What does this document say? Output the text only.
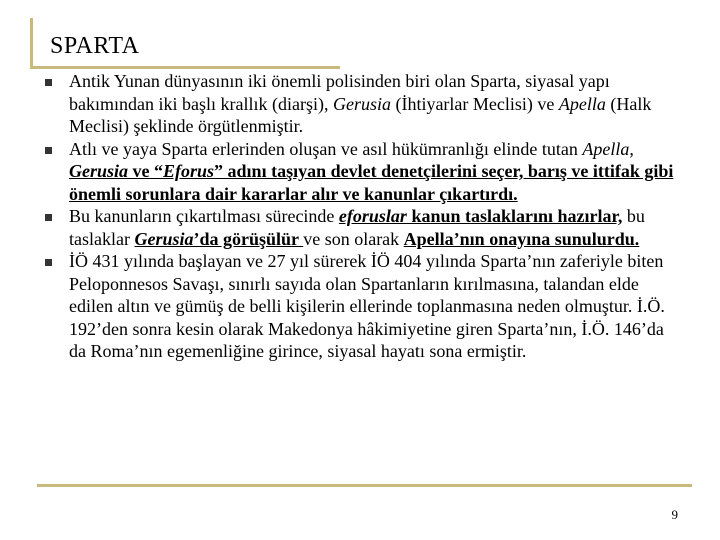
SPARTA
Antik Yunan dünyasının iki önemli polisinden biri olan Sparta, siyasal yapı bakımından iki başlı krallık (diarşi), Gerusia (İhtiyarlar Meclisi) ve Apella (Halk Meclisi) şeklinde örgütlenmiştir.
Atlı ve yaya Sparta erlerinden oluşan ve asıl hükümranlığı elinde tutan Apella, Gerusia ve “Eforus” adını taşıyan devlet denetçilerini seçer, barış ve ittifak gibi önemli sorunlara dair kararlar alır ve kanunlar çıkartırdı.
Bu kanunların çıkartılması sürecinde eforuslar kanun taslaklarını hazırlar, bu taslaklar Gerusia’da görüşülür ve son olarak Apella’nın onayına sunulurdu.
İÖ 431 yılında başlayan ve 27 yıl sürerek İÖ 404 yılında Sparta’nın zaferiyle biten Peloponnesos Savaşı, sınırlı sayıda olan Spartanların kırılmasına, talandan elde edilen altın ve gümüş de belli kişilerin ellerinde toplanmasına neden olmuştur. İ.Ö. 192’den sonra kesin olarak Makedonya hâkimiyetine giren Sparta’nın, İ.Ö. 146’da da Roma’nın egemenliğine girince, siyasal hayatı sona ermiştir.
9
